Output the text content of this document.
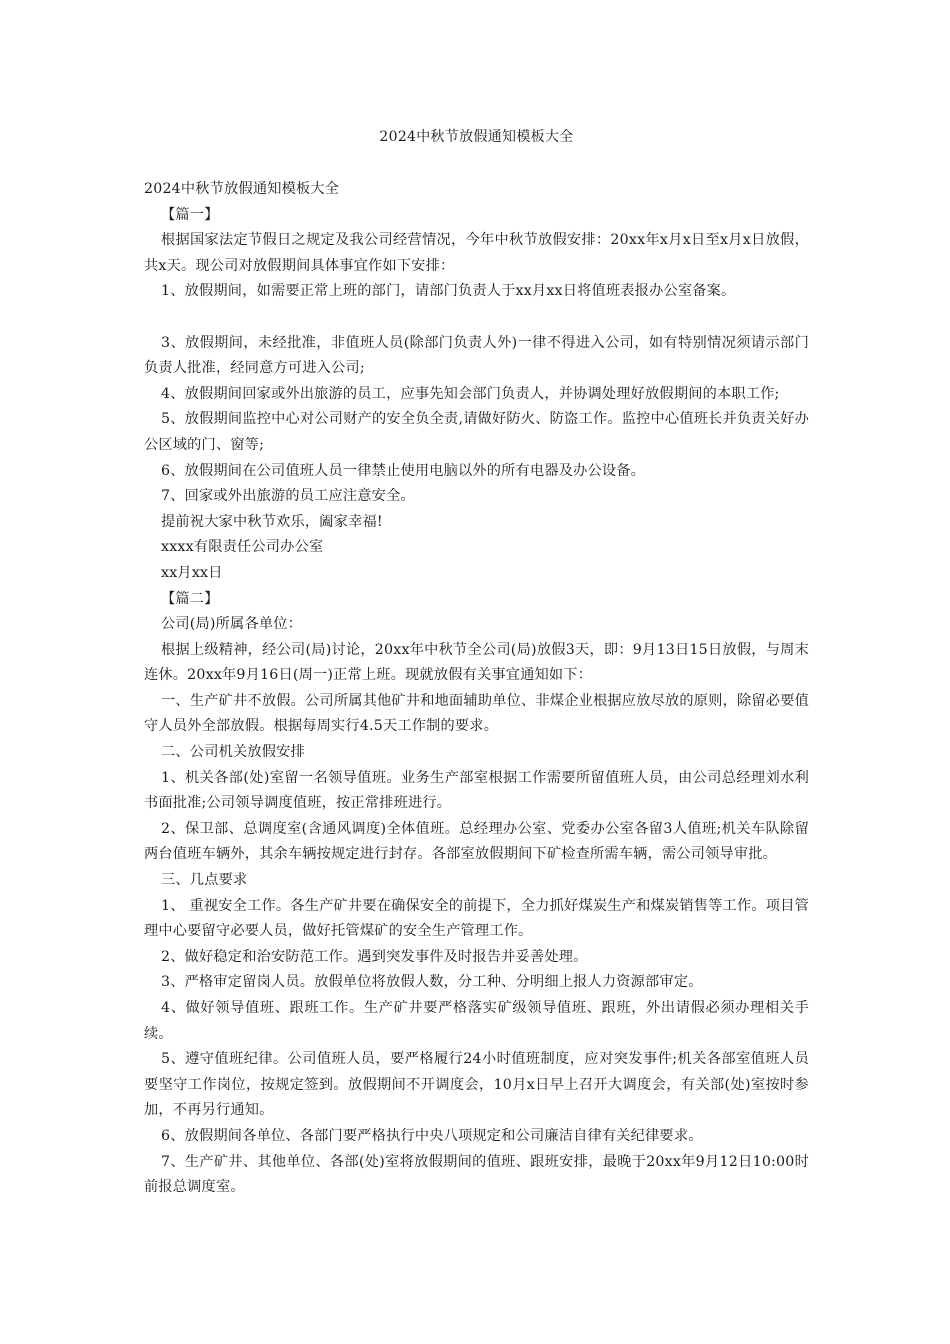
2024中秋节放假通知模板大全

2024中秋节放假通知模板大全

【篇一】

根据国家法定节假日之规定及我公司经营情况，今年中秋节放假安排：20xx年x月x日至x月x日放假，共x天。现公司对放假期间具体事宜作如下安排：

1、放假期间，如需要正常上班的部门，请部门负责人于xx月xx日将值班表报办公室备案。

3、放假期间，未经批准，非值班人员(除部门负责人外)一律不得进入公司，如有特别情况须请示部门负责人批准，经同意方可进入公司;

4、放假期间回家或外出旅游的员工，应事先知会部门负责人，并协调处理好放假期间的本职工作;

5、放假期间监控中心对公司财产的安全负全责,请做好防火、防盗工作。监控中心值班长并负责关好办公区域的门、窗等;

6、放假期间在公司值班人员一律禁止使用电脑以外的所有电器及办公设备。

7、回家或外出旅游的员工应注意安全。

提前祝大家中秋节欢乐，阖家幸福!

xxxx有限责任公司办公室

xx月xx日

【篇二】

公司(局)所属各单位：

根据上级精神，经公司(局)讨论，20xx年中秋节全公司(局)放假3天，即：9月13日15日放假，与周末连休。20xx年9月16日(周一)正常上班。现就放假有关事宜通知如下：

一、生产矿井不放假。公司所属其他矿井和地面辅助单位、非煤企业根据应放尽放的原则，除留必要值守人员外全部放假。根据每周实行4.5天工作制的要求。

二、公司机关放假安排

1、机关各部(处)室留一名领导值班。业务生产部室根据工作需要所留值班人员，由公司总经理刘水利书面批准;公司领导调度值班，按正常排班进行。

2、保卫部、总调度室(含通风调度)全体值班。总经理办公室、党委办公室各留3人值班;机关车队除留两台值班车辆外，其余车辆按规定进行封存。各部室放假期间下矿检查所需车辆，需公司领导审批。

三、几点要求

1、 重视安全工作。各生产矿井要在确保安全的前提下，全力抓好煤炭生产和煤炭销售等工作。项目管理中心要留守必要人员，做好托管煤矿的安全生产管理工作。

2、做好稳定和治安防范工作。遇到突发事件及时报告并妥善处理。

3、严格审定留岗人员。放假单位将放假人数，分工种、分明细上报人力资源部审定。

4、做好领导值班、跟班工作。生产矿井要严格落实矿级领导值班、跟班，外出请假必须办理相关手续。

5、遵守值班纪律。公司值班人员，要严格履行24小时值班制度，应对突发事件;机关各部室值班人员要坚守工作岗位，按规定签到。放假期间不开调度会，10月x日早上召开大调度会，有关部(处)室按时参加，不再另行通知。

6、放假期间各单位、各部门要严格执行中央八项规定和公司廉洁自律有关纪律要求。

7、生产矿井、其他单位、各部(处)室将放假期间的值班、跟班安排，最晚于20xx年9月12日10:00时前报总调度室。
